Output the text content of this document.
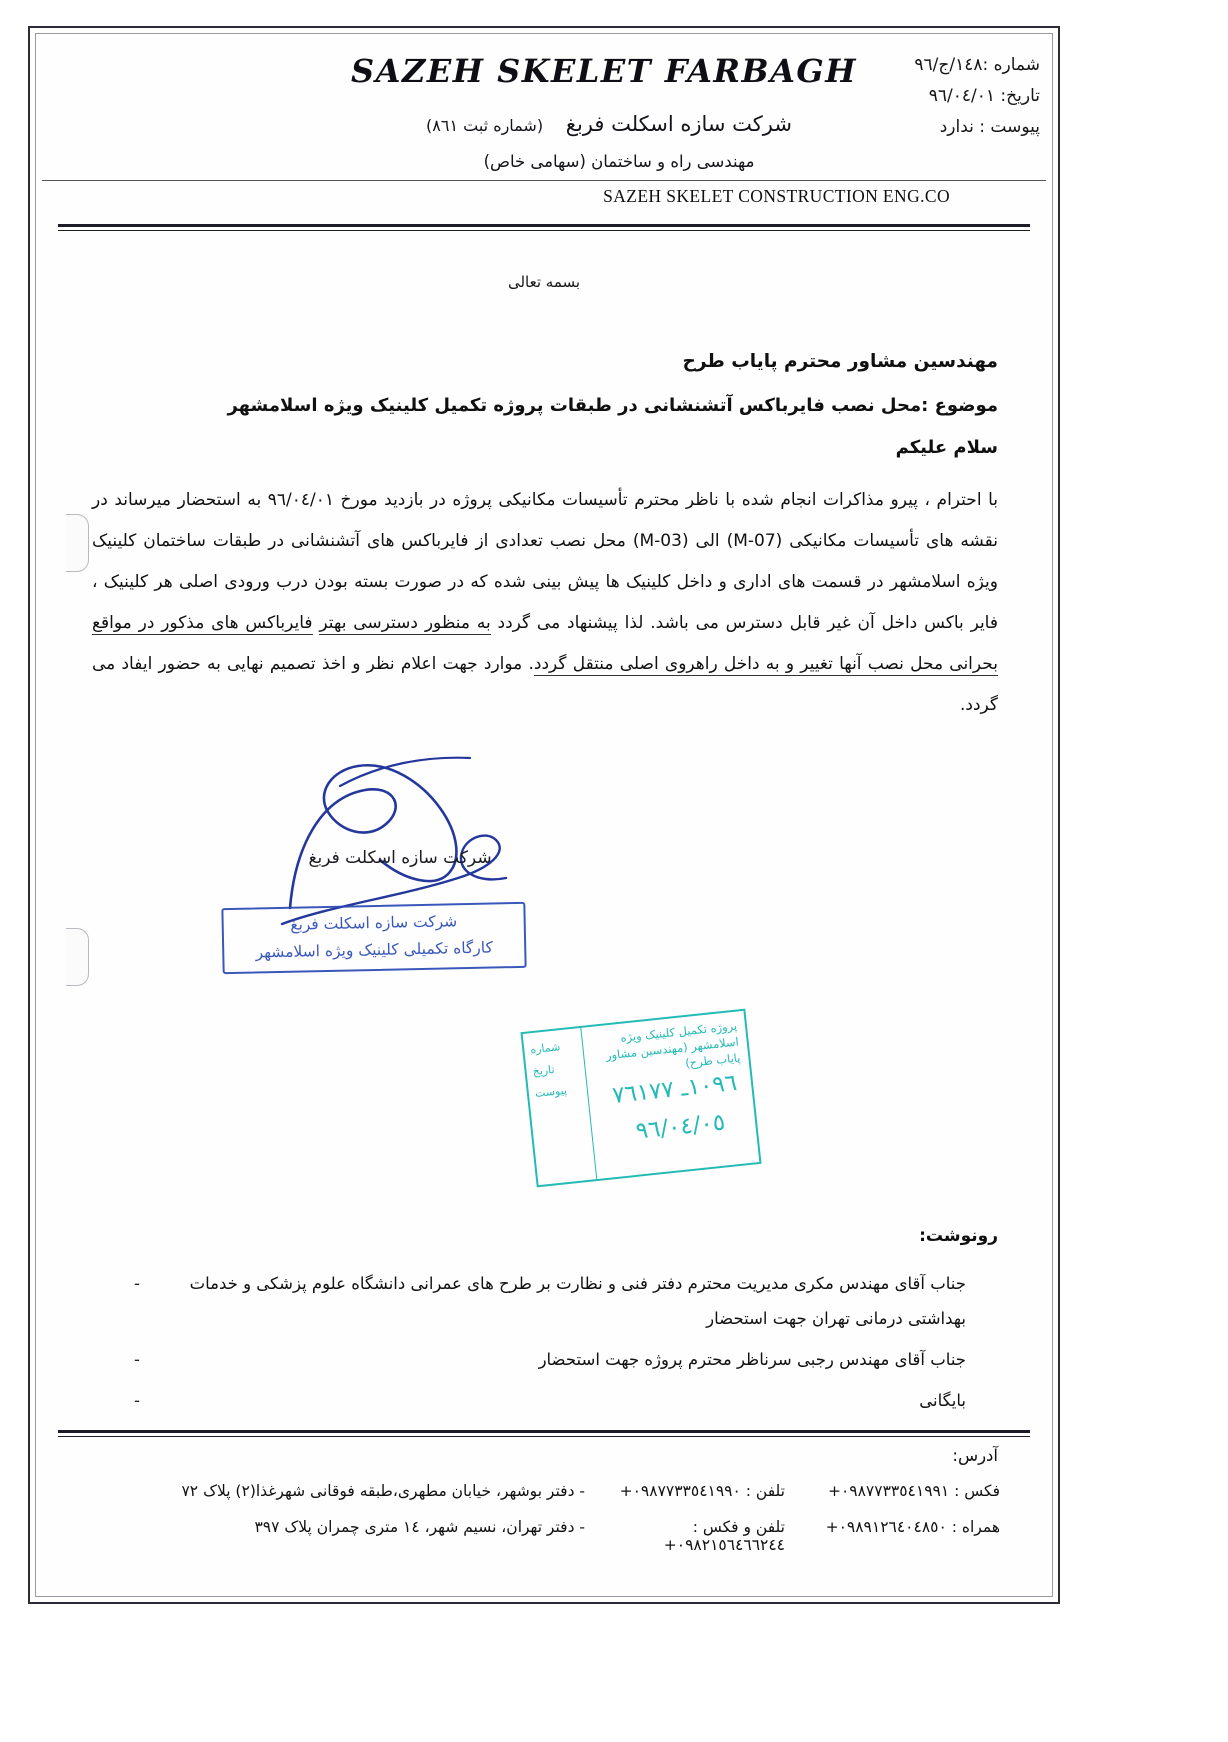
شماره :١٤٨/ج/٩٦
تاریخ: ٩٦/٠٤/٠١
پیوست : ندارد
SAZEH SKELET CONSTRUCTION ENG.CO
SAZEH SKELET FARBAGH
شرکت سازه اسکلت فربغ (شماره ثبت ٨٦١)
مهندسی راه و ساختمان (سهامی خاص)
بسمه تعالی
مهندسین مشاور محترم پایاب طرح
موضوع :محل نصب فایرباکس آتشنشانی در طبقات پروژه تکمیل کلینیک ویژه اسلامشهر
سلام علیکم

با احترام ، پیرو مذاکرات انجام شده با ناظر محترم تأسیسات مکانیکی پروژه در بازدید مورخ ٩٦/٠٤/٠١ به استحضار میرساند در نقشه های تأسیسات مکانیکی (M-07) الی (M-03) محل نصب تعدادی از فایرباکس های آتشنشانی در طبقات ساختمان کلینیک ویژه اسلامشهر در قسمت های اداری و داخل کلینیک ها پیش بینی شده که در صورت بسته بودن درب ورودی اصلی هر کلینیک ، فایر باکس داخل آن غیر قابل دسترس می باشد. لذا پیشنهاد می گردد به منظور دسترسی بهتر فایرباکس های مذکور در مواقع بحرانی محل نصب آنها تغییر و به داخل راهروی اصلی منتقل گردد. موارد جهت اعلام نظر و اخذ تصمیم نهایی به حضور ایفاد می گردد.

شرکت سازه اسکلت فربغ
شرکت سازه اسکلت فربغ
کارگاه تکمیلی کلینیک ویژه اسلامشهر
پروژه تکمیل کلینیک ویژه اسلامشهر (مهندسین مشاور پایاب طرح)
شماره
تاریخ
پیوست	١٠٩٦ـ ٧٦١٧٧
٩٦/٠٤/٠٥
رونوشت:
جناب آقای مهندس مکری مدیریت محترم دفتر فنی و نظارت بر طرح های عمرانی دانشگاه علوم پزشکی و خدمات بهداشتی درمانی تهران جهت استحضار
-
جناب آقای مهندس رجبی سرناظر محترم پروژه جهت استحضار
-
بایگانی
-
آدرس:
فکس : ٠٩٨٧٧٣٣٥٤١٩٩١+
تلفن : ٠٩٨٧٧٣٣٥٤١٩٩٠+
- دفتر بوشهر، خیابان مطهری،طبقه فوقانی شهرغذا(٢) پلاک ٧٢
همراه : ٠٩٨٩١٢٦٤٠٤٨٥٠+
تلفن و فکس : ٠٩٨٢١٥٦٤٦٦٢٤٤+
- دفتر تهران، نسیم شهر، ١٤ متری چمران پلاک ٣٩٧
